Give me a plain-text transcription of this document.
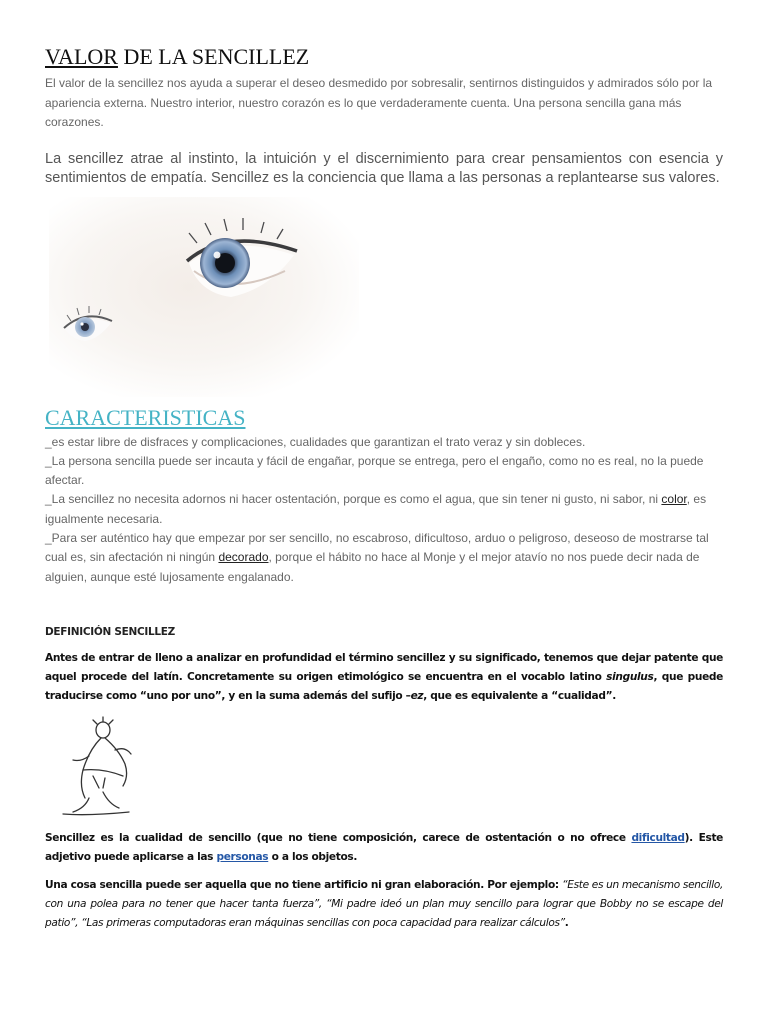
VALOR DE LA SENCILLEZ

El valor de la sencillez nos ayuda a superar el deseo desmedido por sobresalir, sentirnos distinguidos y admirados sólo por la apariencia externa. Nuestro interior, nuestro corazón es lo que verdaderamente cuenta. Una persona sencilla gana más corazones.

La sencillez atrae al instinto, la intuición y el discernimiento para crear pensamientos con esencia y sentimientos de empatía. Sencillez es la conciencia que llama a las personas a replantearse sus valores.

CARACTERISTICAS

_es estar libre de disfraces y complicaciones, cualidades que garantizan el trato veraz y sin dobleces.

_La persona sencilla puede ser incauta y fácil de engañar, porque se entrega, pero el engaño, como no es real, no la puede afectar.

_La sencillez no necesita adornos ni hacer ostentación, porque es como el agua, que sin tener ni gusto, ni sabor, ni color, es igualmente necesaria.

_Para ser auténtico hay que empezar por ser sencillo, no escabroso, dificultoso, arduo o peligroso, deseoso de mostrarse tal cual es, sin afectación ni ningún decorado, porque el hábito no hace al Monje y el mejor atavío no nos puede decir nada de alguien, aunque esté lujosamente engalanado.

DEFINICIÓN SENCILLEZ

Antes de entrar de lleno a analizar en profundidad el término sencillez y su significado, tenemos que dejar patente que aquel procede del latín. Concretamente su origen etimológico se encuentra en el vocablo latino singulus, que puede traducirse como “uno por uno”, y en la suma además del sufijo –ez, que es equivalente a “cualidad”.

Sencillez es la cualidad de sencillo (que no tiene composición, carece de ostentación o no ofrece dificultad). Este adjetivo puede aplicarse a las personas o a los objetos.

Una cosa sencilla puede ser aquella que no tiene artificio ni gran elaboración. Por ejemplo: “Este es un mecanismo sencillo, con una polea para no tener que hacer tanta fuerza”, “Mi padre ideó un plan muy sencillo para lograr que Bobby no se escape del patio”, “Las primeras computadoras eran máquinas sencillas con poca capacidad para realizar cálculos”.
